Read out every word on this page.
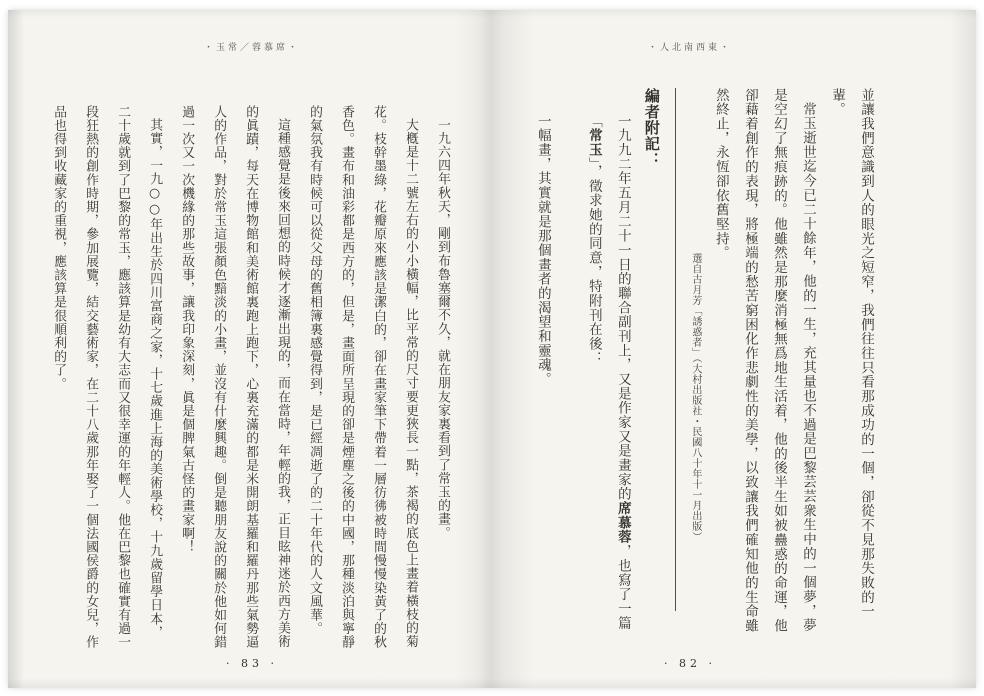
・玉常／蓉慕席・

一九六四年秋天，剛到布魯塞爾不久，就在朋友家裏看到了常玉的畫。

大槪是十二號左右的小小橫幅，比平常的尺寸要更狹長一點，茶褐的底色上畫着橫枝的菊花。枝幹墨綠，花瓣原來應該是潔白的，卻在畫家筆下帶着一層彷彿被時間慢慢染黃了的秋香色。畫布和油彩都是西方的，但是，畫面所呈現的卻是煙塵之後的中國，那種淡泊與寧靜的氣氛我有時候可以從父母的舊相簿裏感覺得到，是已經凋逝了的二十年代的人文風華。

這種感覺是後來回想的時候才逐漸出現的，而在當時，年輕的我，正目眩神迷於西方美術的眞蹟，每天在博物館和美術館裏跑上跑下，心裏充滿的都是米開朗基羅和羅丹那些氣勢逼人的作品，對於常玉這張顏色黯淡的小畫，並沒有什麼興趣。倒是聽朋友說的關於他如何錯過一次又一次機緣的那些故事，讓我印象深刻，眞是個脾氣古怪的畫家啊！

其實，一九○○年出生於四川富商之家，十七歲進上海的美術學校，十九歲留學日本，二十歲就到了巴黎的常玉，應該算是幼有大志而又很幸運的年輕人。他在巴黎也確實有過一段狂熱的創作時期，參加展覽，結交藝術家，在二十八歲那年娶了一個法國侯爵的女兒，作品也得到收藏家的重視，應該算是很順利的了。

· 83 ·
・人北南西東・

並讓我們意識到人的眼光之短窄，我們往往只看那成功的一個，卻從不見那失敗的一輩。

常玉逝世迄今已二十餘年，他的一生，充其量也不過是巴黎芸芸衆生中的一個夢，夢是空幻了無痕跡的。他雖然是那麼消極無爲地生活着，他的後半生如被蠱惑的命運，他卻藉着創作的表現，將極端的愁苦窮困化作悲劇性的美學，以致讓我們確知他的生命雖然終止，永恆卻依舊堅持。

選自古月芳「誘惑者」（大村出版社・民國八十年十一月出版）

編者附記：

一九九二年五月二十一日的聯合副刊上，又是作家又是畫家的席慕蓉，也寫了一篇「常玉」，徵求她的同意，特附刊在後：

一幅畫，其實就是那個畫者的渴望和靈魂。

· 82 ·
